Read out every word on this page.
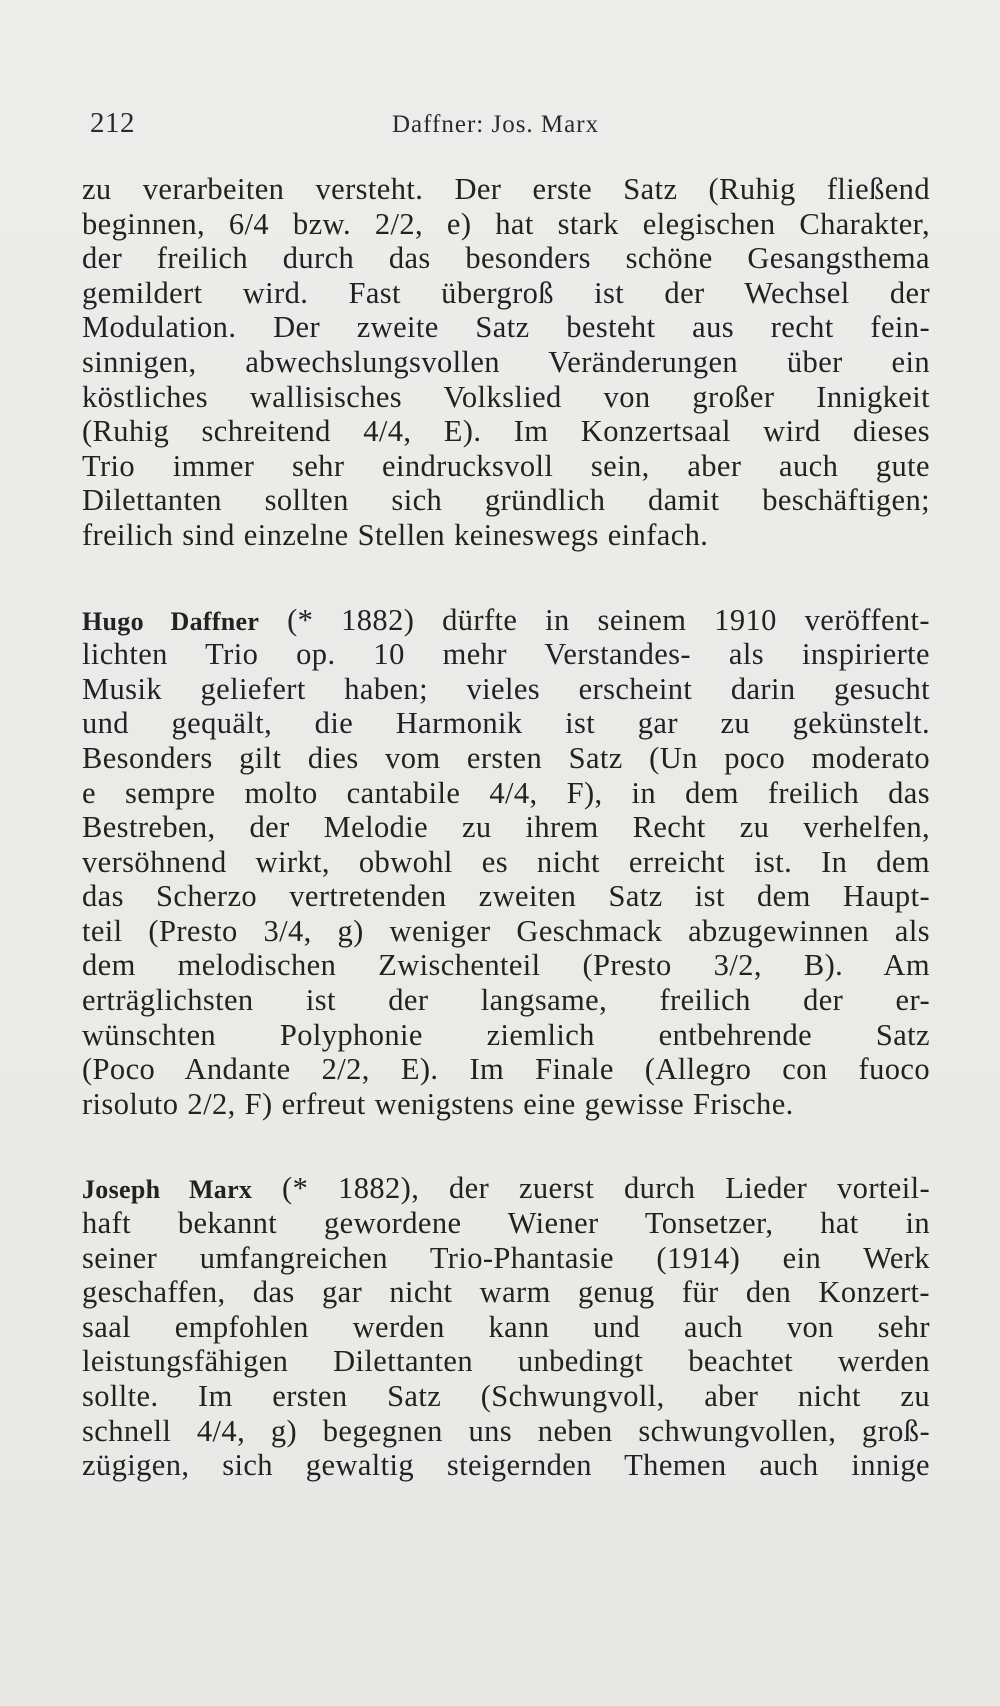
212	Daffner: Jos. Marx
zu verarbeiten versteht. Der erste Satz (Ruhig fließend
beginnen, 6/4 bzw. 2/2, e) hat stark elegischen Charakter,
der freilich durch das besonders schöne Gesangsthema
gemildert wird. Fast übergroß ist der Wechsel der
Modulation. Der zweite Satz besteht aus recht fein-
sinnigen, abwechslungsvollen Veränderungen über ein
köstliches wallisisches Volkslied von großer Innigkeit
(Ruhig schreitend 4/4, E). Im Konzertsaal wird dieses
Trio immer sehr eindrucksvoll sein, aber auch gute
Dilettanten sollten sich gründlich damit beschäftigen;
freilich sind einzelne Stellen keineswegs einfach.
Hugo Daffner (* 1882) dürfte in seinem 1910 veröffent-
lichten Trio op. 10 mehr Verstandes- als inspirierte
Musik geliefert haben; vieles erscheint darin gesucht
und gequält, die Harmonik ist gar zu gekünstelt.
Besonders gilt dies vom ersten Satz (Un poco moderato
e sempre molto cantabile 4/4, F), in dem freilich das
Bestreben, der Melodie zu ihrem Recht zu verhelfen,
versöhnend wirkt, obwohl es nicht erreicht ist. In dem
das Scherzo vertretenden zweiten Satz ist dem Haupt-
teil (Presto 3/4, g) weniger Geschmack abzugewinnen als
dem melodischen Zwischenteil (Presto 3/2, B). Am
erträglichsten ist der langsame, freilich der er-
wünschten Polyphonie ziemlich entbehrende Satz
(Poco Andante 2/2, E). Im Finale (Allegro con fuoco
risoluto 2/2, F) erfreut wenigstens eine gewisse Frische.
Joseph Marx (* 1882), der zuerst durch Lieder vorteil-
haft bekannt gewordene Wiener Tonsetzer, hat in
seiner umfangreichen Trio-Phantasie (1914) ein Werk
geschaffen, das gar nicht warm genug für den Konzert-
saal empfohlen werden kann und auch von sehr
leistungsfähigen Dilettanten unbedingt beachtet werden
sollte. Im ersten Satz (Schwungvoll, aber nicht zu
schnell 4/4, g) begegnen uns neben schwungvollen, groß-
zügigen, sich gewaltig steigernden Themen auch innige
